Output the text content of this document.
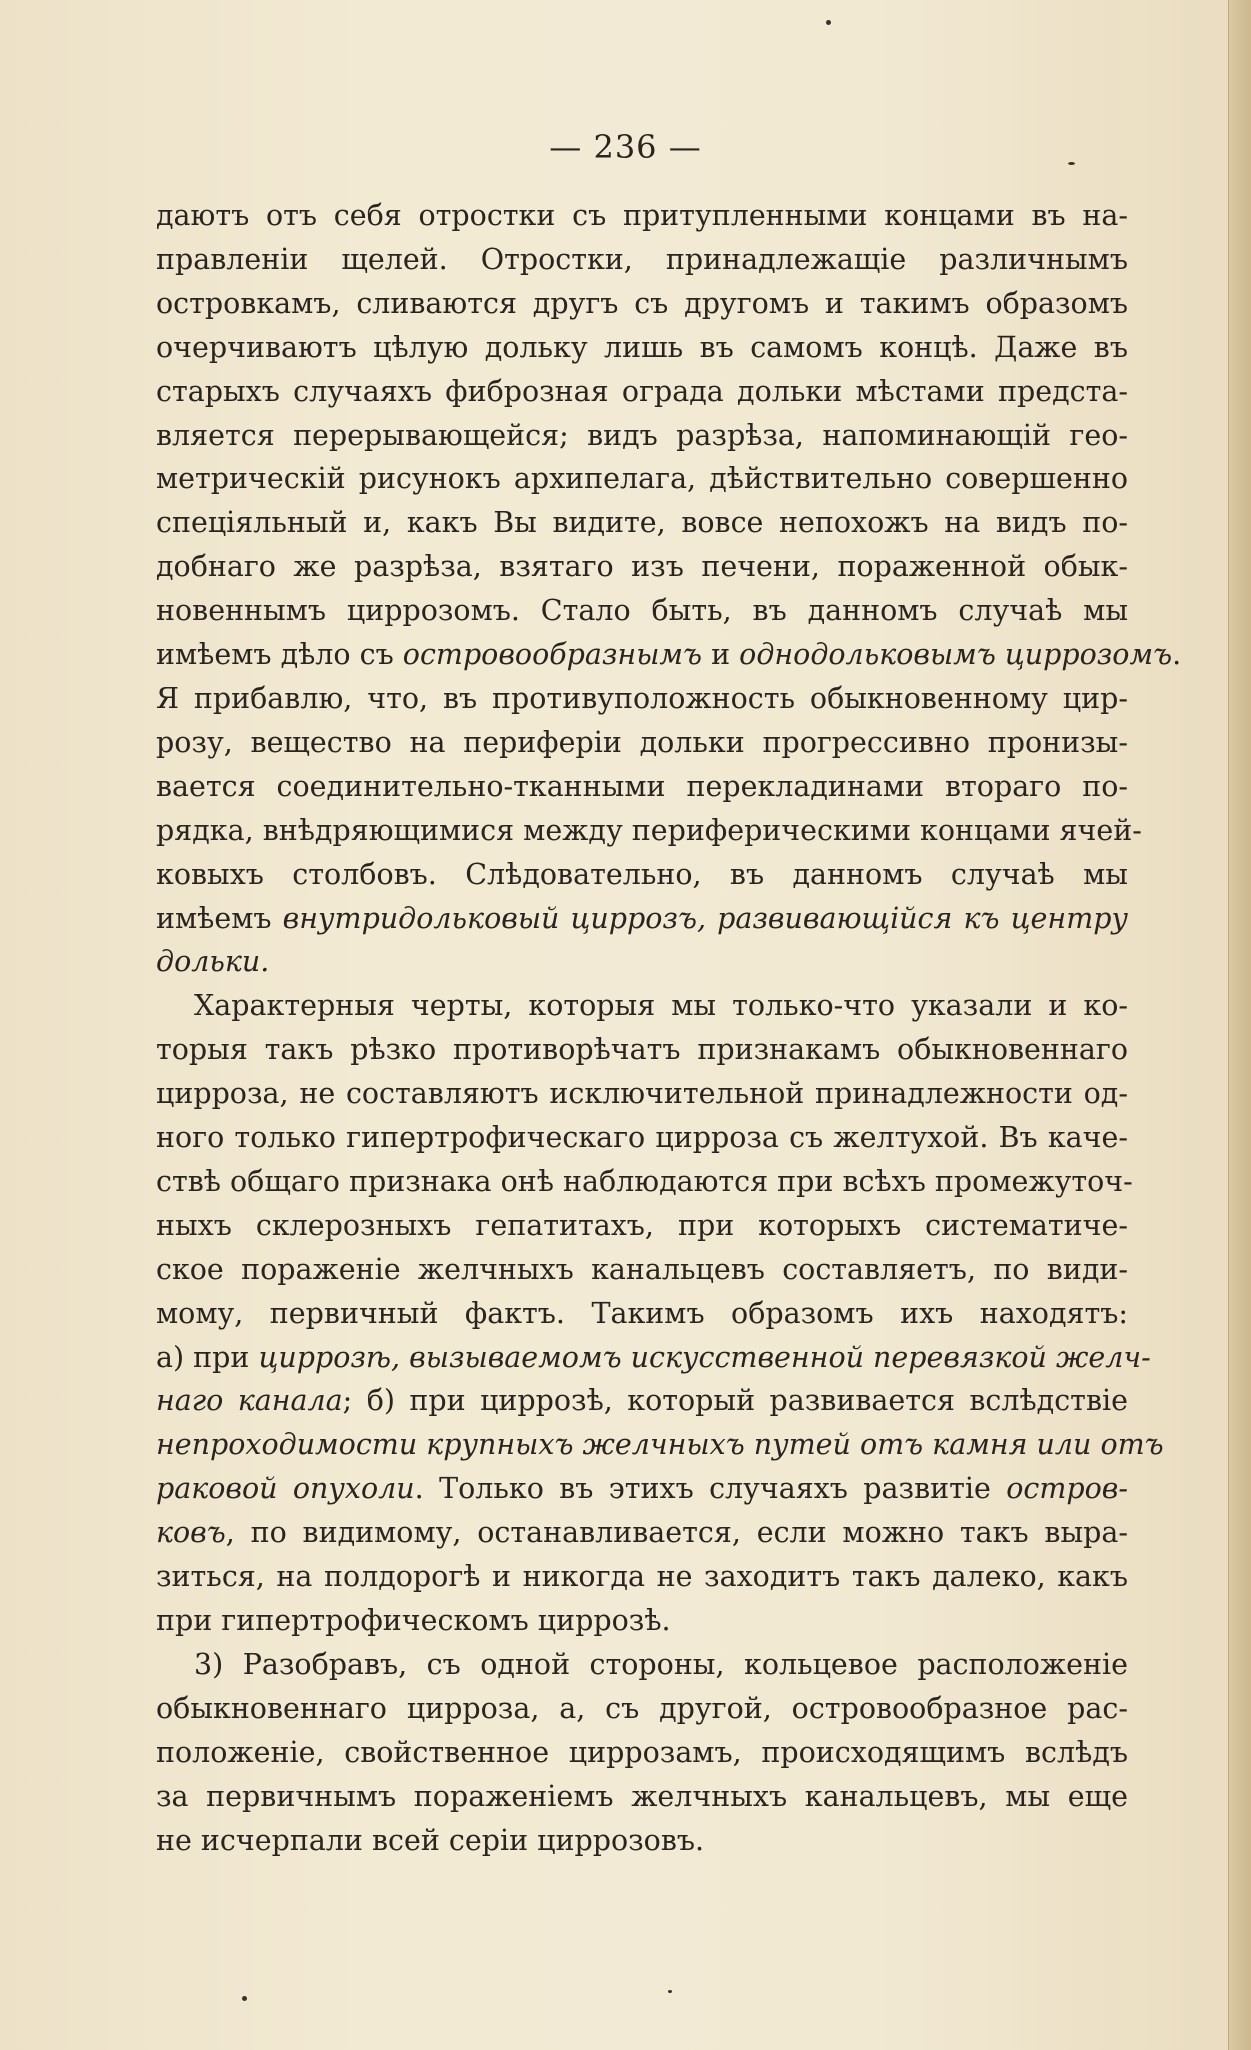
— 236 —
даютъ отъ себя отростки съ притупленными концами въ на-
правленіи щелей. Отростки, принадлежащіе различнымъ
островкамъ, сливаются другъ съ другомъ и такимъ образомъ
очерчиваютъ цѣлую дольку лишь въ самомъ концѣ. Даже въ
старыхъ случаяхъ фиброзная ограда дольки мѣстами предста-
вляется перерывающейся; видъ разрѣза, напоминающій гео-
метрическій рисунокъ архипелага, дѣйствительно совершенно
спеціяльный и, какъ Вы видите, вовсе непохожъ на видъ по-
добнаго же разрѣза, взятаго изъ печени, пораженной обык-
новеннымъ циррозомъ. Стало быть, въ данномъ случаѣ мы
имѣемъ дѣло съ островообразнымъ и однодольковымъ циррозомъ.
Я прибавлю, что, въ противуположность обыкновенному цир-
розу, вещество на периферіи дольки прогрессивно пронизы-
вается соединительно-тканными перекладинами втораго по-
рядка, внѣдряющимися между периферическими концами ячей-
ковыхъ столбовъ. Слѣдовательно, въ данномъ случаѣ мы
имѣемъ внутридольковый циррозъ, развивающійся къ центру
дольки.
Характерныя черты, которыя мы только-что указали и ко-
торыя такъ рѣзко противорѣчатъ признакамъ обыкновеннаго
цирроза, не составляютъ исключительной принадлежности од-
ного только гипертрофическаго цирроза съ желтухой. Въ каче-
ствѣ общаго признака онѣ наблюдаются при всѣхъ промежуточ-
ныхъ склерозныхъ гепатитахъ, при которыхъ систематиче-
ское пораженіе желчныхъ канальцевъ составляетъ, по види-
мому, первичный фактъ. Такимъ образомъ ихъ находятъ:
а) при циррозѣ, вызываемомъ искусственной перевязкой желч-
наго канала; б) при циррозѣ, который развивается вслѣдствіе
непроходимости крупныхъ желчныхъ путей отъ камня или отъ
раковой опухоли. Только въ этихъ случаяхъ развитіе остров-
ковъ, по видимому, останавливается, если можно такъ выра-
зиться, на полдорогѣ и никогда не заходитъ такъ далеко, какъ
при гипертрофическомъ циррозѣ.
3) Разобравъ, съ одной стороны, кольцевое расположеніе
обыкновеннаго цирроза, а, съ другой, островообразное рас-
положеніе, свойственное циррозамъ, происходящимъ вслѣдъ
за первичнымъ пораженіемъ желчныхъ канальцевъ, мы еще
не исчерпали всей серіи циррозовъ.
